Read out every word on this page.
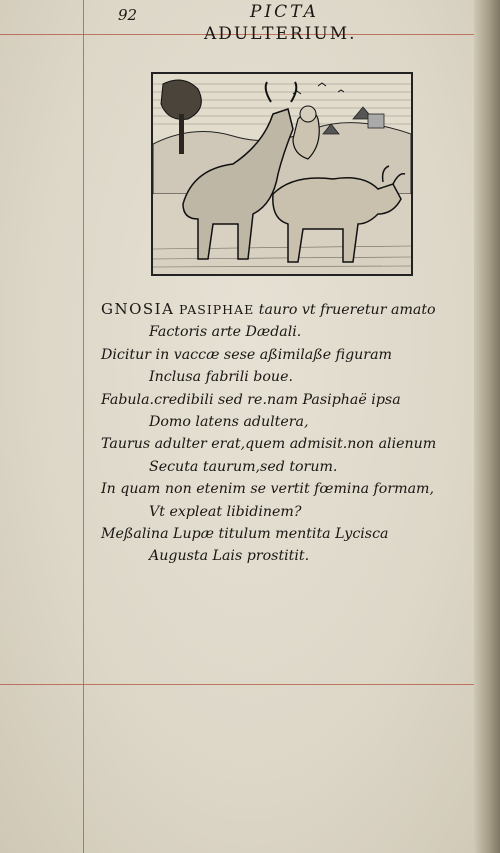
92	PICTA
ADULTERIUM.
GNOSIA PASIPHAE tauro vt frueretur amato
Factoris arte Dædali.
Dicitur in vaccæ sese aßimilaße figuram
Inclusa fabrili boue.
Fabula.credibili sed re.nam Pasiphaë ipsa
Domo latens adultera,
Taurus adulter erat,quem admisit.non alienum
Secuta taurum,sed torum.
In quam non etenim se vertit fœmina formam,
Vt expleat libidinem?
Meßalina Lupæ titulum mentita Lycisca
Augusta Lais prostitit.
